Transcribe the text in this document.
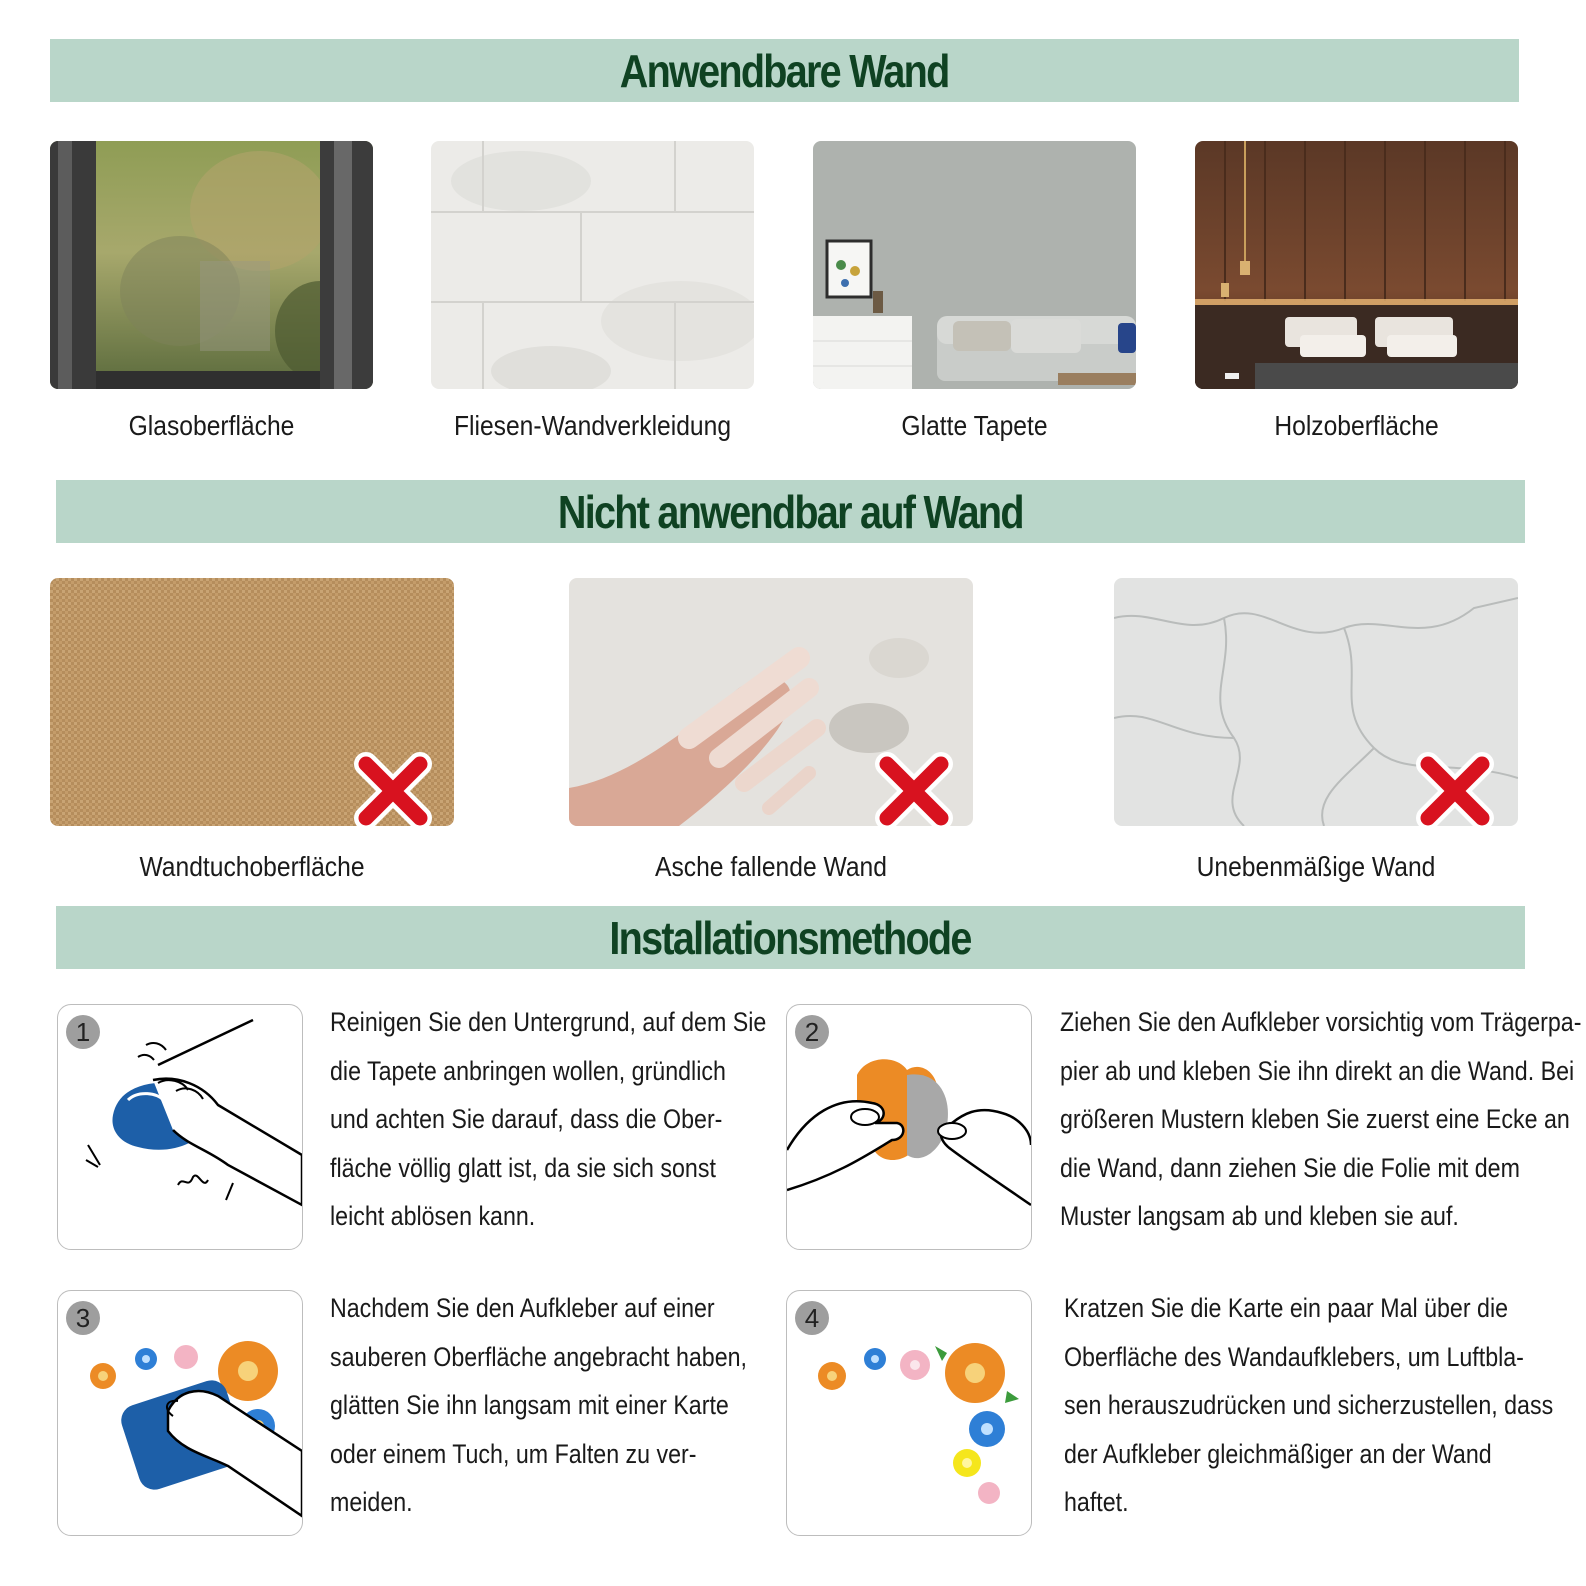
Anwendbare Wand
Glasoberfläche	Fliesen-Wandverkleidung	Glatte Tapete	Holzoberfläche
Nicht anwendbar auf Wand
Wandtuchoberfläche	Asche fallende Wand	Unebenmäßige Wand
Installationsmethode
1	Reinigen Sie den Untergrund, auf dem Sie
die Tapete anbringen wollen, gründlich
und achten Sie darauf, dass die Ober-
fläche völlig glatt ist, da sie sich sonst
leicht ablösen kann.
2	Ziehen Sie den Aufkleber vorsichtig vom Trägerpa-
pier ab und kleben Sie ihn direkt an die Wand. Bei
größeren Mustern kleben Sie zuerst eine Ecke an
die Wand, dann ziehen Sie die Folie mit dem
Muster langsam ab und kleben sie auf.
3	Nachdem Sie den Aufkleber auf einer
sauberen Oberfläche angebracht haben,
glätten Sie ihn langsam mit einer Karte
oder einem Tuch, um Falten zu ver-
meiden.
4	Kratzen Sie die Karte ein paar Mal über die
Oberfläche des Wandaufklebers, um Luftbla-
sen herauszudrücken und sicherzustellen, dass
der Aufkleber gleichmäßiger an der Wand
haftet.
